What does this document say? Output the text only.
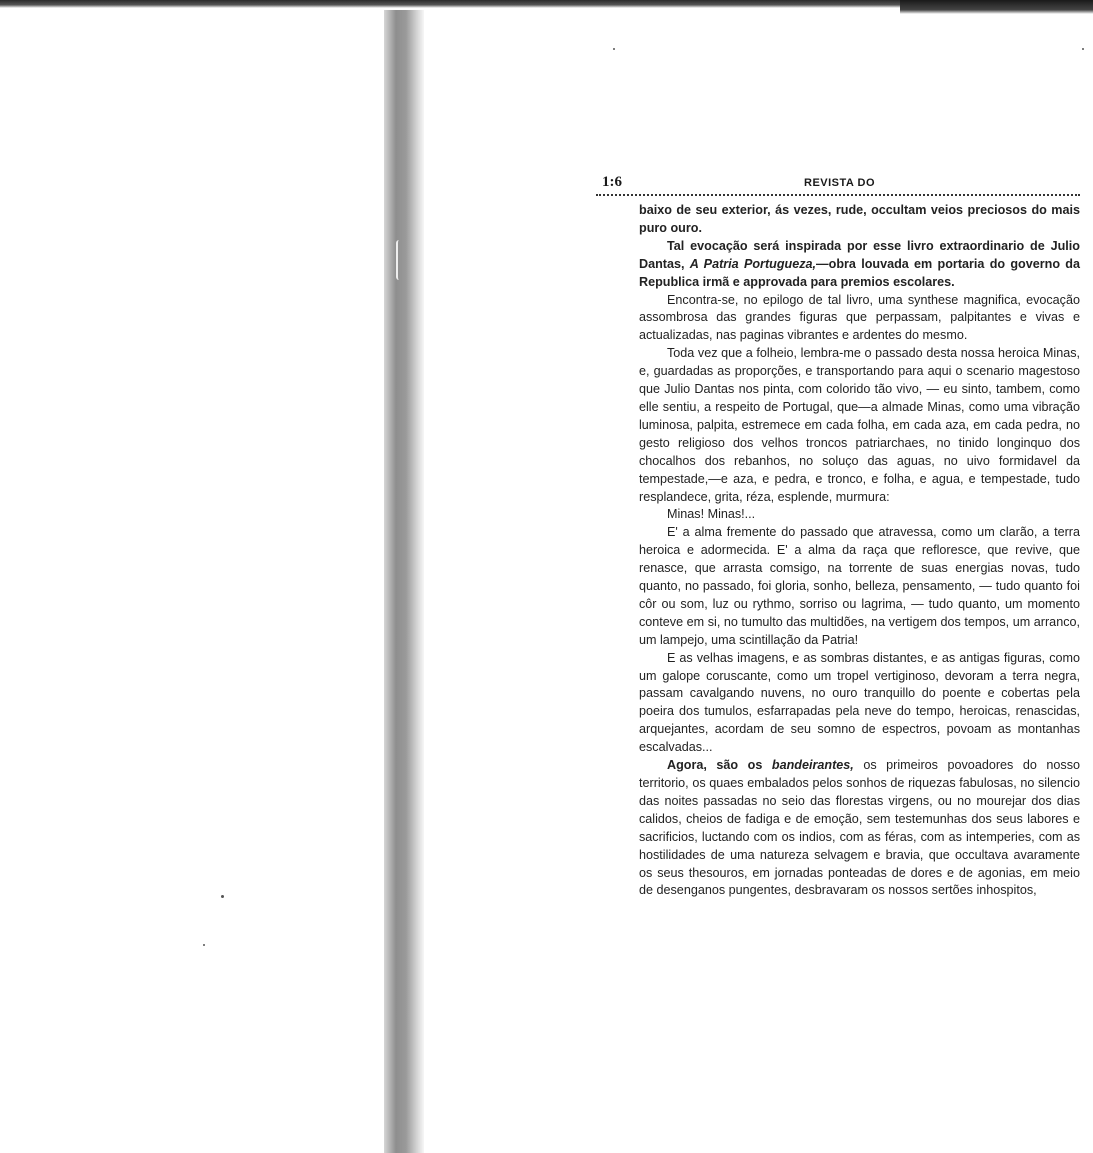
1:6	REVISTA DO

baixo de seu exterior, ás vezes, rude, occultam veios preciosos do mais puro ouro.

Tal evocação será inspirada por esse livro extraordinario de Julio Dantas, A Patria Portugueza,—obra louvada em portaria do governo da Republica irmã e approvada para premios escolares.

Encontra-se, no epilogo de tal livro, uma synthese magnifica, evocação assombrosa das grandes figuras que perpassam, palpitantes e vivas e actualizadas, nas paginas vibrantes e ardentes do mesmo.

Toda vez que a folheio, lembra-me o passado desta nossa heroica Minas, e, guardadas as proporções, e transportando para aqui o scenario magestoso que Julio Dantas nos pinta, com colorido tão vivo, — eu sinto, tambem, como elle sentiu, a respeito de Portugal, que—a almade Minas, como uma vibração luminosa, palpita, estremece em cada folha, em cada aza, em cada pedra, no gesto religioso dos velhos troncos patriarchaes, no tinido longinquo dos chocalhos dos rebanhos, no soluço das aguas, no uivo formidavel da tempestade,—e aza, e pedra, e tronco, e folha, e agua, e tempestade, tudo resplandece, grita, réza, esplende, murmura:

Minas! Minas!...

E' a alma fremente do passado que atravessa, como um clarão, a terra heroica e adormecida. E' a alma da raça que refloresce, que revive, que renasce, que arrasta comsigo, na torrente de suas energias novas, tudo quanto, no passado, foi gloria, sonho, belleza, pensamento, — tudo quanto foi côr ou som, luz ou rythmo, sorriso ou lagrima, — tudo quanto, um momento conteve em si, no tumulto das multidões, na vertigem dos tempos, um arranco, um lampejo, uma scintillação da Patria!

E as velhas imagens, e as sombras distantes, e as antigas figuras, como um galope coruscante, como um tropel vertiginoso, devoram a terra negra, passam cavalgando nuvens, no ouro tranquillo do poente e cobertas pela poeira dos tumulos, esfarrapadas pela neve do tempo, heroicas, renascidas, arquejantes, acordam de seu somno de espectros, povoam as montanhas escalvadas...

Agora, são os bandeirantes, os primeiros povoadores do nosso territorio, os quaes embalados pelos sonhos de riquezas fabulosas, no silencio das noites passadas no seio das florestas virgens, ou no mourejar dos dias calidos, cheios de fadiga e de emoção, sem testemunhas dos seus labores e sacrificios, luctando com os indios, com as féras, com as intemperies, com as hostilidades de uma natureza selvagem e bravia, que occultava avaramente os seus thesouros, em jornadas ponteadas de dores e de agonias, em meio de desenganos pungentes, desbravaram os nossos sertões inhospitos,
